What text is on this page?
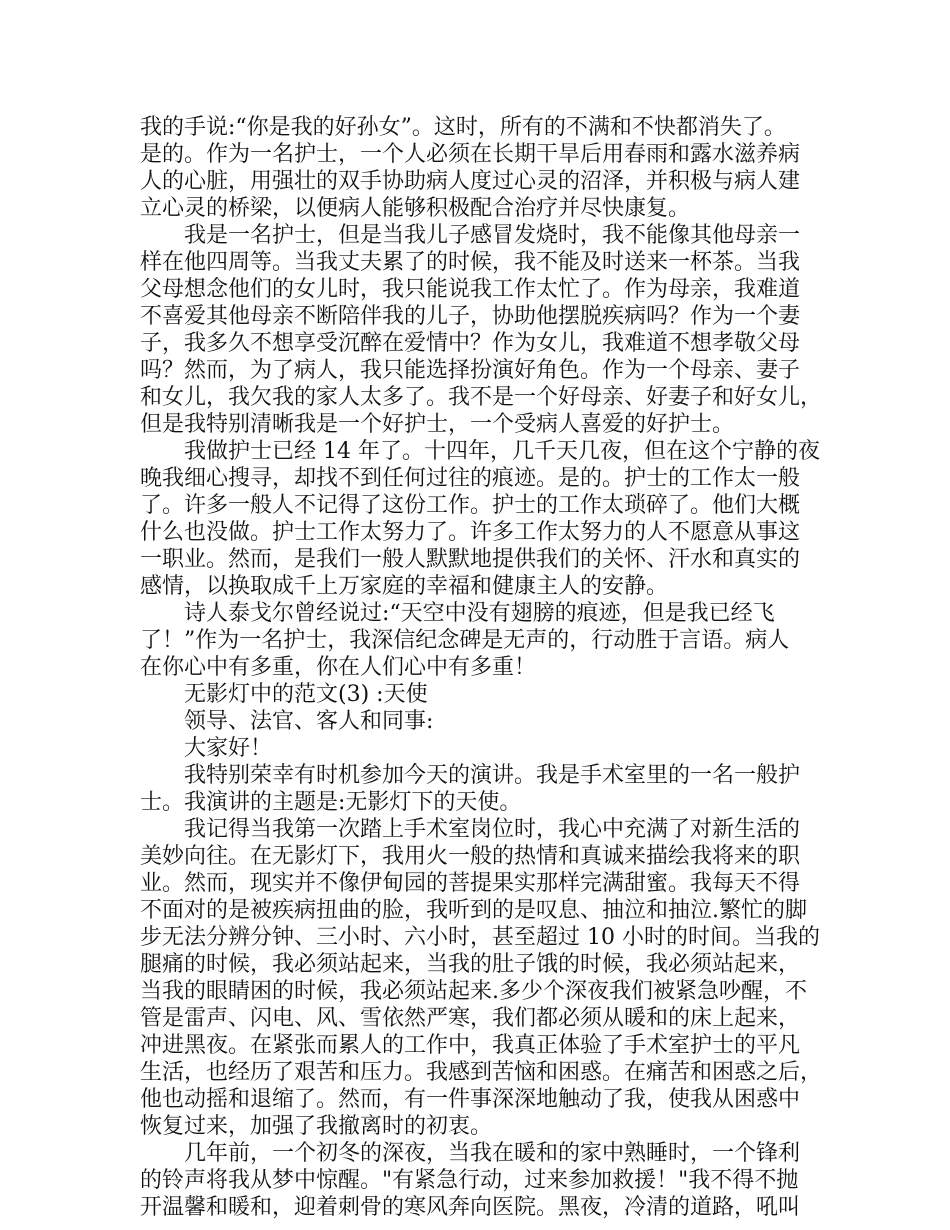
我的手说:“你是我的好孙女”。这时，所有的不满和不快都消失了。
是的。作为一名护士，一个人必须在长期干旱后用春雨和露水滋养病
人的心脏，用强壮的双手协助病人度过心灵的沼泽，并积极与病人建
立心灵的桥梁，以便病人能够积极配合治疗并尽快康复。
我是一名护士，但是当我儿子感冒发烧时，我不能像其他母亲一
样在他四周等。当我丈夫累了的时候，我不能及时送来一杯茶。当我
父母想念他们的女儿时，我只能说我工作太忙了。作为母亲，我难道
不喜爱其他母亲不断陪伴我的儿子，协助他摆脱疾病吗？作为一个妻
子，我多久不想享受沉醉在爱情中？作为女儿，我难道不想孝敬父母
吗？然而，为了病人，我只能选择扮演好角色。作为一个母亲、妻子
和女儿，我欠我的家人太多了。我不是一个好母亲、好妻子和好女儿，
但是我特别清晰我是一个好护士，一个受病人喜爱的好护士。
我做护士已经 14 年了。十四年，几千天几夜，但在这个宁静的夜
晚我细心搜寻，却找不到任何过往的痕迹。是的。护士的工作太一般
了。许多一般人不记得了这份工作。护士的工作太琐碎了。他们大概
什么也没做。护士工作太努力了。许多工作太努力的人不愿意从事这
一职业。然而，是我们一般人默默地提供我们的关怀、汗水和真实的
感情，以换取成千上万家庭的幸福和健康主人的安静。
诗人泰戈尔曾经说过:“天空中没有翅膀的痕迹，但是我已经飞
了！”作为一名护士，我深信纪念碑是无声的，行动胜于言语。病人
在你心中有多重，你在人们心中有多重！
无影灯中的范文(3) :天使
领导、法官、客人和同事:
大家好！
我特别荣幸有时机参加今天的演讲。我是手术室里的一名一般护
士。我演讲的主题是:无影灯下的天使。
我记得当我第一次踏上手术室岗位时，我心中充满了对新生活的
美妙向往。在无影灯下，我用火一般的热情和真诚来描绘我将来的职
业。然而，现实并不像伊甸园的菩提果实那样完满甜蜜。我每天不得
不面对的是被疾病扭曲的脸，我听到的是叹息、抽泣和抽泣.繁忙的脚
步无法分辨分钟、三小时、六小时，甚至超过 10 小时的时间。当我的
腿痛的时候，我必须站起来，当我的肚子饿的时候，我必须站起来，
当我的眼睛困的时候，我必须站起来.多少个深夜我们被紧急吵醒，不
管是雷声、闪电、风、雪依然严寒，我们都必须从暖和的床上起来，
冲进黑夜。在紧张而累人的工作中，我真正体验了手术室护士的平凡
生活，也经历了艰苦和压力。我感到苦恼和困惑。在痛苦和困惑之后，
他也动摇和退缩了。然而，有一件事深深地触动了我，使我从困惑中
恢复过来，加强了我撤离时的初衷。
几年前，一个初冬的深夜，当我在暖和的家中熟睡时，一个锋利
的铃声将我从梦中惊醒。"有紧急行动，过来参加救援！"我不得不抛
开温馨和暖和，迎着刺骨的寒风奔向医院。黑夜，冷清的道路，吼叫
